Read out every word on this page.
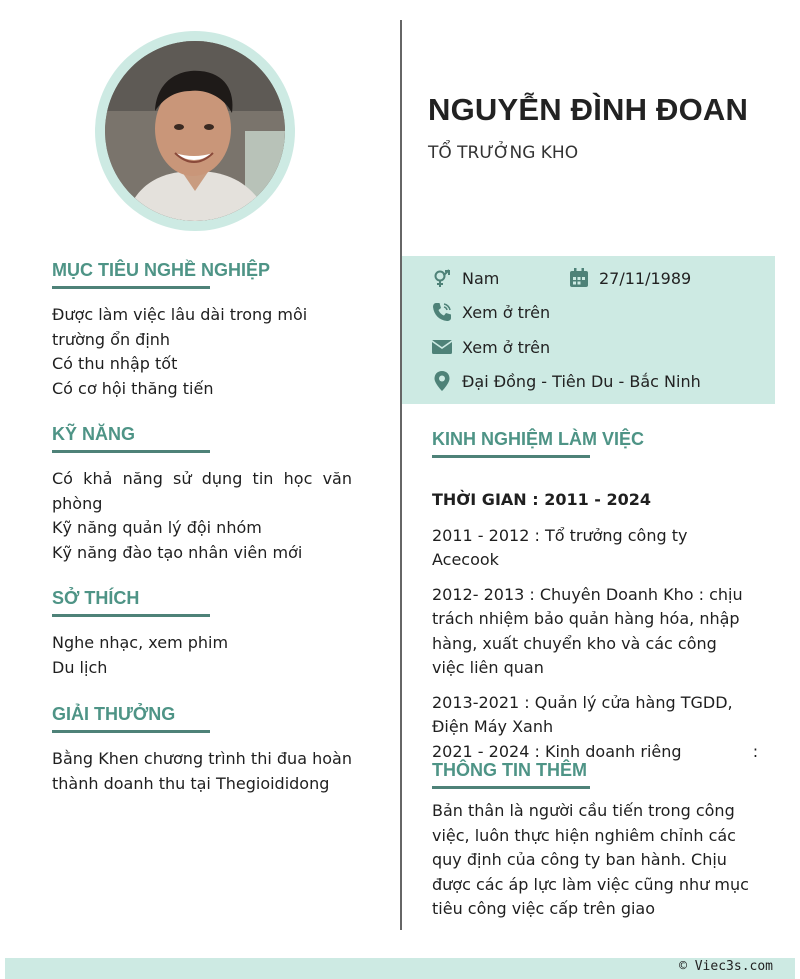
NGUYỄN ĐÌNH ĐOAN
TỔ TRƯỞNG KHO
Nam	27/11/1989
Xem ở trên
Xem ở trên
Đại Đồng - Tiên Du - Bắc Ninh
MỤC TIÊU NGHỀ NGHIỆP
Được làm việc lâu dài trong môi trường ổn định
Có thu nhập tốt
Có cơ hội thăng tiến
KỸ NĂNG
Có khả năng sử dụng tin học văn phòng
Kỹ năng quản lý đội nhóm
Kỹ năng đào tạo nhân viên mới
SỞ THÍCH
Nghe nhạc, xem phim
Du lịch
GIẢI THƯỞNG
Bằng Khen chương trình thi đua hoàn thành doanh thu tại Thegioididong
KINH NGHIỆM LÀM VIỆC
THỜI GIAN : 2011 - 2024
2011 - 2012 : Tổ trưởng công ty Acecook
2012- 2013 : Chuyên Doanh Kho : chịu trách nhiệm bảo quản hàng hóa, nhập hàng, xuất chuyển kho và các công việc liên quan
2013-2021 : Quản lý cửa hàng TGDD, Điện Máy Xanh
2021 - 2024 : Kinh doanh riêng              :
THÔNG TIN THÊM
Bản thân là người cầu tiến trong công việc, luôn thực hiện nghiêm chỉnh các quy định của công ty ban hành. Chịu được các áp lực làm việc cũng như mục tiêu công việc cấp trên giao
© Viec3s.com
